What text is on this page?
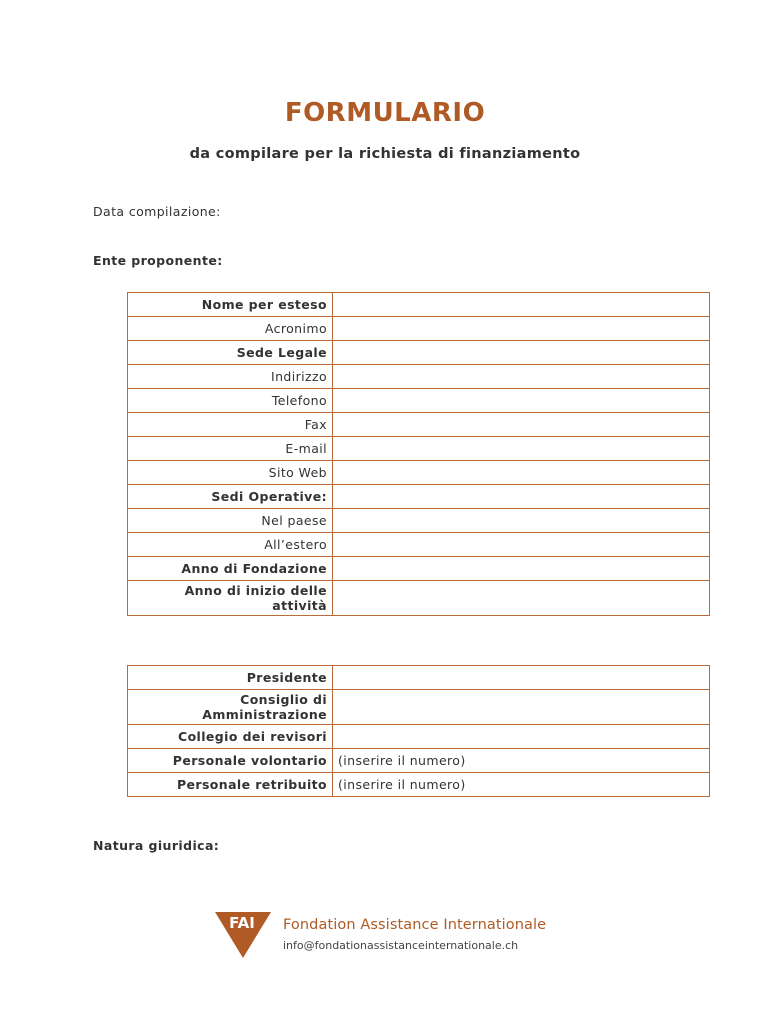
FORMULARIO
da compilare per la richiesta di finanziamento
Data compilazione:
Ente proponente:
Nome per esteso	
Acronimo	
Sede Legale	
Indirizzo	
Telefono	
Fax	
E-mail	
Sito Web	
Sedi Operative:	
Nel paese	
All’estero	
Anno di Fondazione	
Anno di inizio delle attività	
Presidente	
Consiglio di Amministrazione	
Collegio dei revisori	
Personale volontario	(inserire il numero)
Personale retribuito	(inserire il numero)
Natura giuridica:
FAI Fondation Assistance Internationale
info@fondationassistanceinternationale.ch
